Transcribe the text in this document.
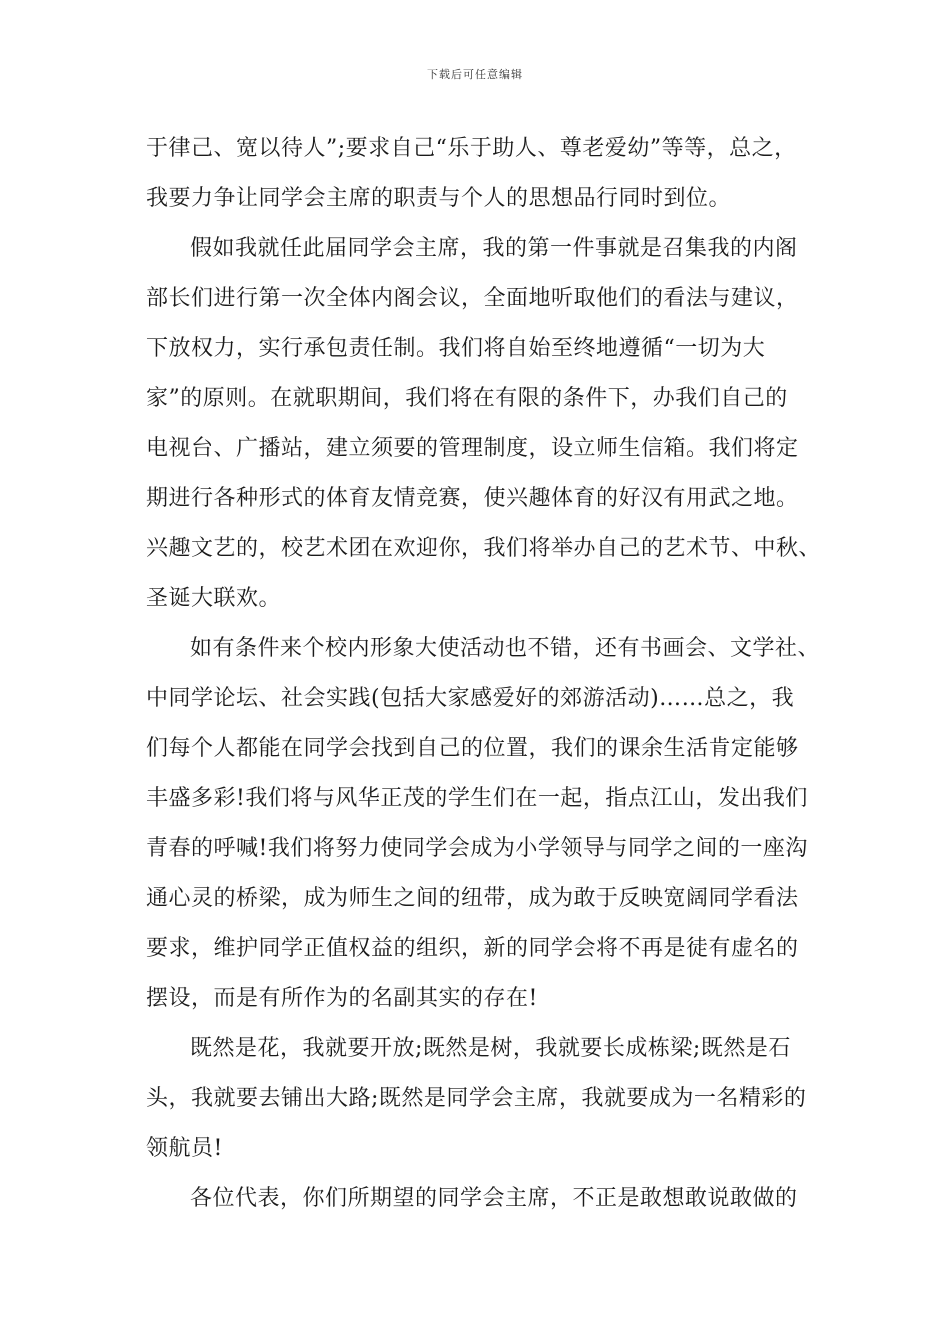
下载后可任意编辑
于律己、宽以待人”;要求自己“乐于助人、尊老爱幼”等等，总之，
我要力争让同学会主席的职责与个人的思想品行同时到位。
假如我就任此届同学会主席，我的第一件事就是召集我的内阁
部长们进行第一次全体内阁会议，全面地听取他们的看法与建议，
下放权力，实行承包责任制。我们将自始至终地遵循“一切为大
家”的原则。在就职期间，我们将在有限的条件下，办我们自己的
电视台、广播站，建立须要的管理制度，设立师生信箱。我们将定
期进行各种形式的体育友情竞赛，使兴趣体育的好汉有用武之地。
兴趣文艺的，校艺术团在欢迎你，我们将举办自己的艺术节、中秋、
圣诞大联欢。
如有条件来个校内形象大使活动也不错，还有书画会、文学社、
中同学论坛、社会实践(包括大家感爱好的郊游活动)……总之，我
们每个人都能在同学会找到自己的位置，我们的课余生活肯定能够
丰盛多彩!我们将与风华正茂的学生们在一起，指点江山，发出我们
青春的呼喊!我们将努力使同学会成为小学领导与同学之间的一座沟
通心灵的桥梁，成为师生之间的纽带，成为敢于反映宽阔同学看法
要求，维护同学正值权益的组织，新的同学会将不再是徒有虚名的
摆设，而是有所作为的名副其实的存在!
既然是花，我就要开放;既然是树，我就要长成栋梁;既然是石
头，我就要去铺出大路;既然是同学会主席，我就要成为一名精彩的
领航员!
各位代表，你们所期望的同学会主席，不正是敢想敢说敢做的
